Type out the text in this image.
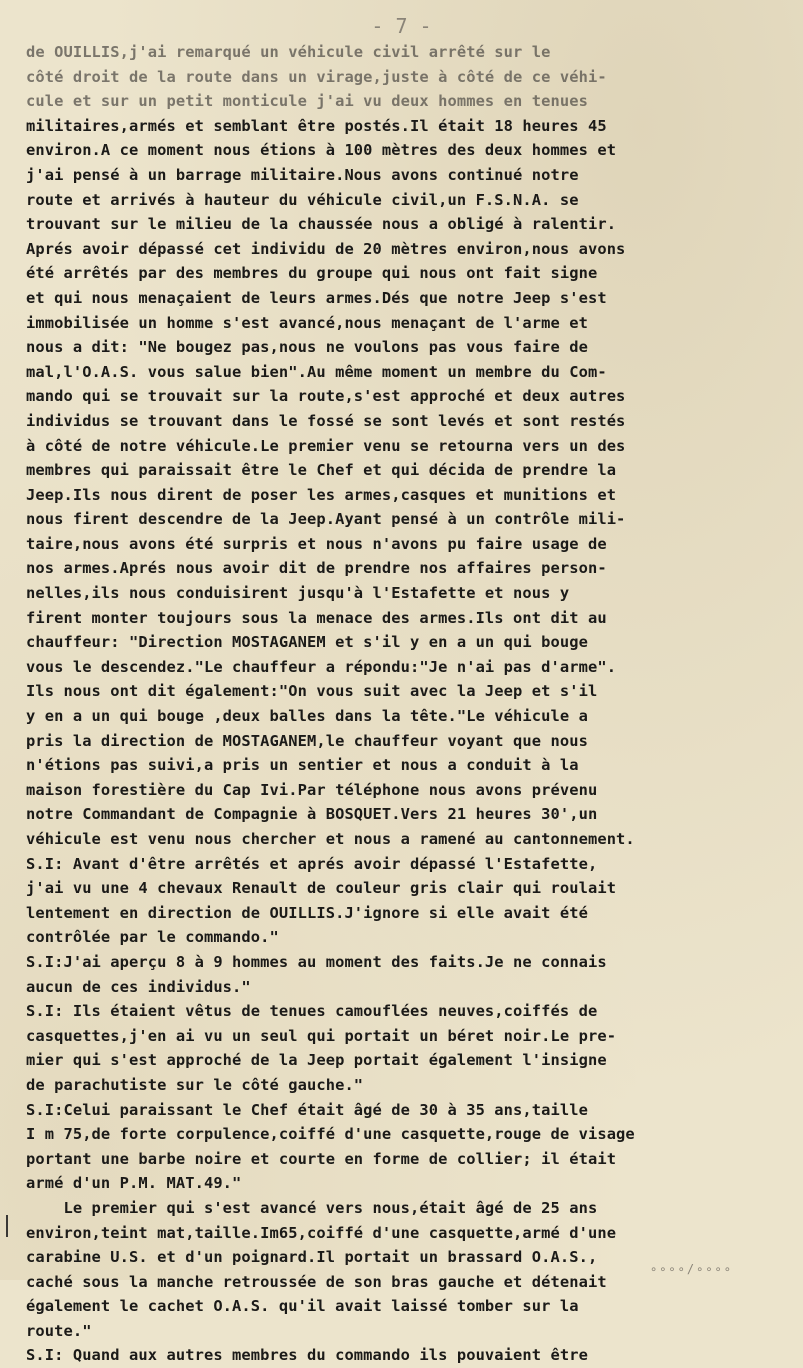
- 7 -
de OUILLIS,j'ai remarqué un véhicule civil arrêté sur le
côté droit de la route dans un virage,juste à côté de ce véhi-
cule et sur un petit monticule j'ai vu deux hommes en tenues
militaires,armés et semblant être postés.Il était 18 heures 45
environ.A ce moment nous étions à 100 mètres des deux hommes et
j'ai pensé à un barrage militaire.Nous avons continué notre
route et arrivés à hauteur du véhicule civil,un F.S.N.A. se
trouvant sur le milieu de la chaussée nous a obligé à ralentir.
Aprés avoir dépassé cet individu de 20 mètres environ,nous avons
été arrêtés par des membres du groupe qui nous ont fait signe
et qui nous menaçaient de leurs armes.Dés que notre Jeep s'est
immobilisée un homme s'est avancé,nous menaçant de l'arme et
nous a dit: "Ne bougez pas,nous ne voulons pas vous faire de
mal,l'O.A.S. vous salue bien".Au même moment un membre du Com-
mando qui se trouvait sur la route,s'est approché et deux autres
individus se trouvant dans le fossé se sont levés et sont restés
à côté de notre véhicule.Le premier venu se retourna vers un des
membres qui paraissait être le Chef et qui décida de prendre la
Jeep.Ils nous dirent de poser les armes,casques et munitions et
nous firent descendre de la Jeep.Ayant pensé à un contrôle mili-
taire,nous avons été surpris et nous n'avons pu faire usage de
nos armes.Aprés nous avoir dit de prendre nos affaires person-
nelles,ils nous conduisirent jusqu'à l'Estafette et nous y
firent monter toujours sous la menace des armes.Ils ont dit au
chauffeur: "Direction MOSTAGANEM et s'il y en a un qui bouge
vous le descendez."Le chauffeur a répondu:"Je n'ai pas d'arme".
Ils nous ont dit également:"On vous suit avec la Jeep et s'il
y en a un qui bouge ,deux balles dans la tête."Le véhicule a
pris la direction de MOSTAGANEM,le chauffeur voyant que nous
n'étions pas suivi,a pris un sentier et nous a conduit à la
maison forestière du Cap Ivi.Par téléphone nous avons prévenu
notre Commandant de Compagnie à BOSQUET.Vers 21 heures 30',un
véhicule est venu nous chercher et nous a ramené au cantonnement.
S.I: Avant d'être arrêtés et aprés avoir dépassé l'Estafette,
j'ai vu une 4 chevaux Renault de couleur gris clair qui roulait
lentement en direction de OUILLIS.J'ignore si elle avait été
contrôlée par le commando."
S.I:J'ai aperçu 8 à 9 hommes au moment des faits.Je ne connais
aucun de ces individus."
S.I: Ils étaient vêtus de tenues camouflées neuves,coiffés de
casquettes,j'en ai vu un seul qui portait un béret noir.Le pre-
mier qui s'est approché de la Jeep portait également l'insigne
de parachutiste sur le côté gauche."
S.I:Celui paraissant le Chef était âgé de 30 à 35 ans,taille
I m 75,de forte corpulence,coiffé d'une casquette,rouge de visage
portant une barbe noire et courte en forme de collier; il était
armé d'un P.M. MAT.49."
Le premier qui s'est avancé vers nous,était âgé de 25 ans
environ,teint mat,taille.Im65,coiffé d'une casquette,armé d'une
carabine U.S. et d'un poignard.Il portait un brassard O.A.S.,
caché sous la manche retroussée de son bras gauche et détenait
également le cachet O.A.S. qu'il avait laissé tomber sur la
route."
S.I: Quand aux autres membres du commando ils pouvaient être
∘∘∘∘/∘∘∘∘
